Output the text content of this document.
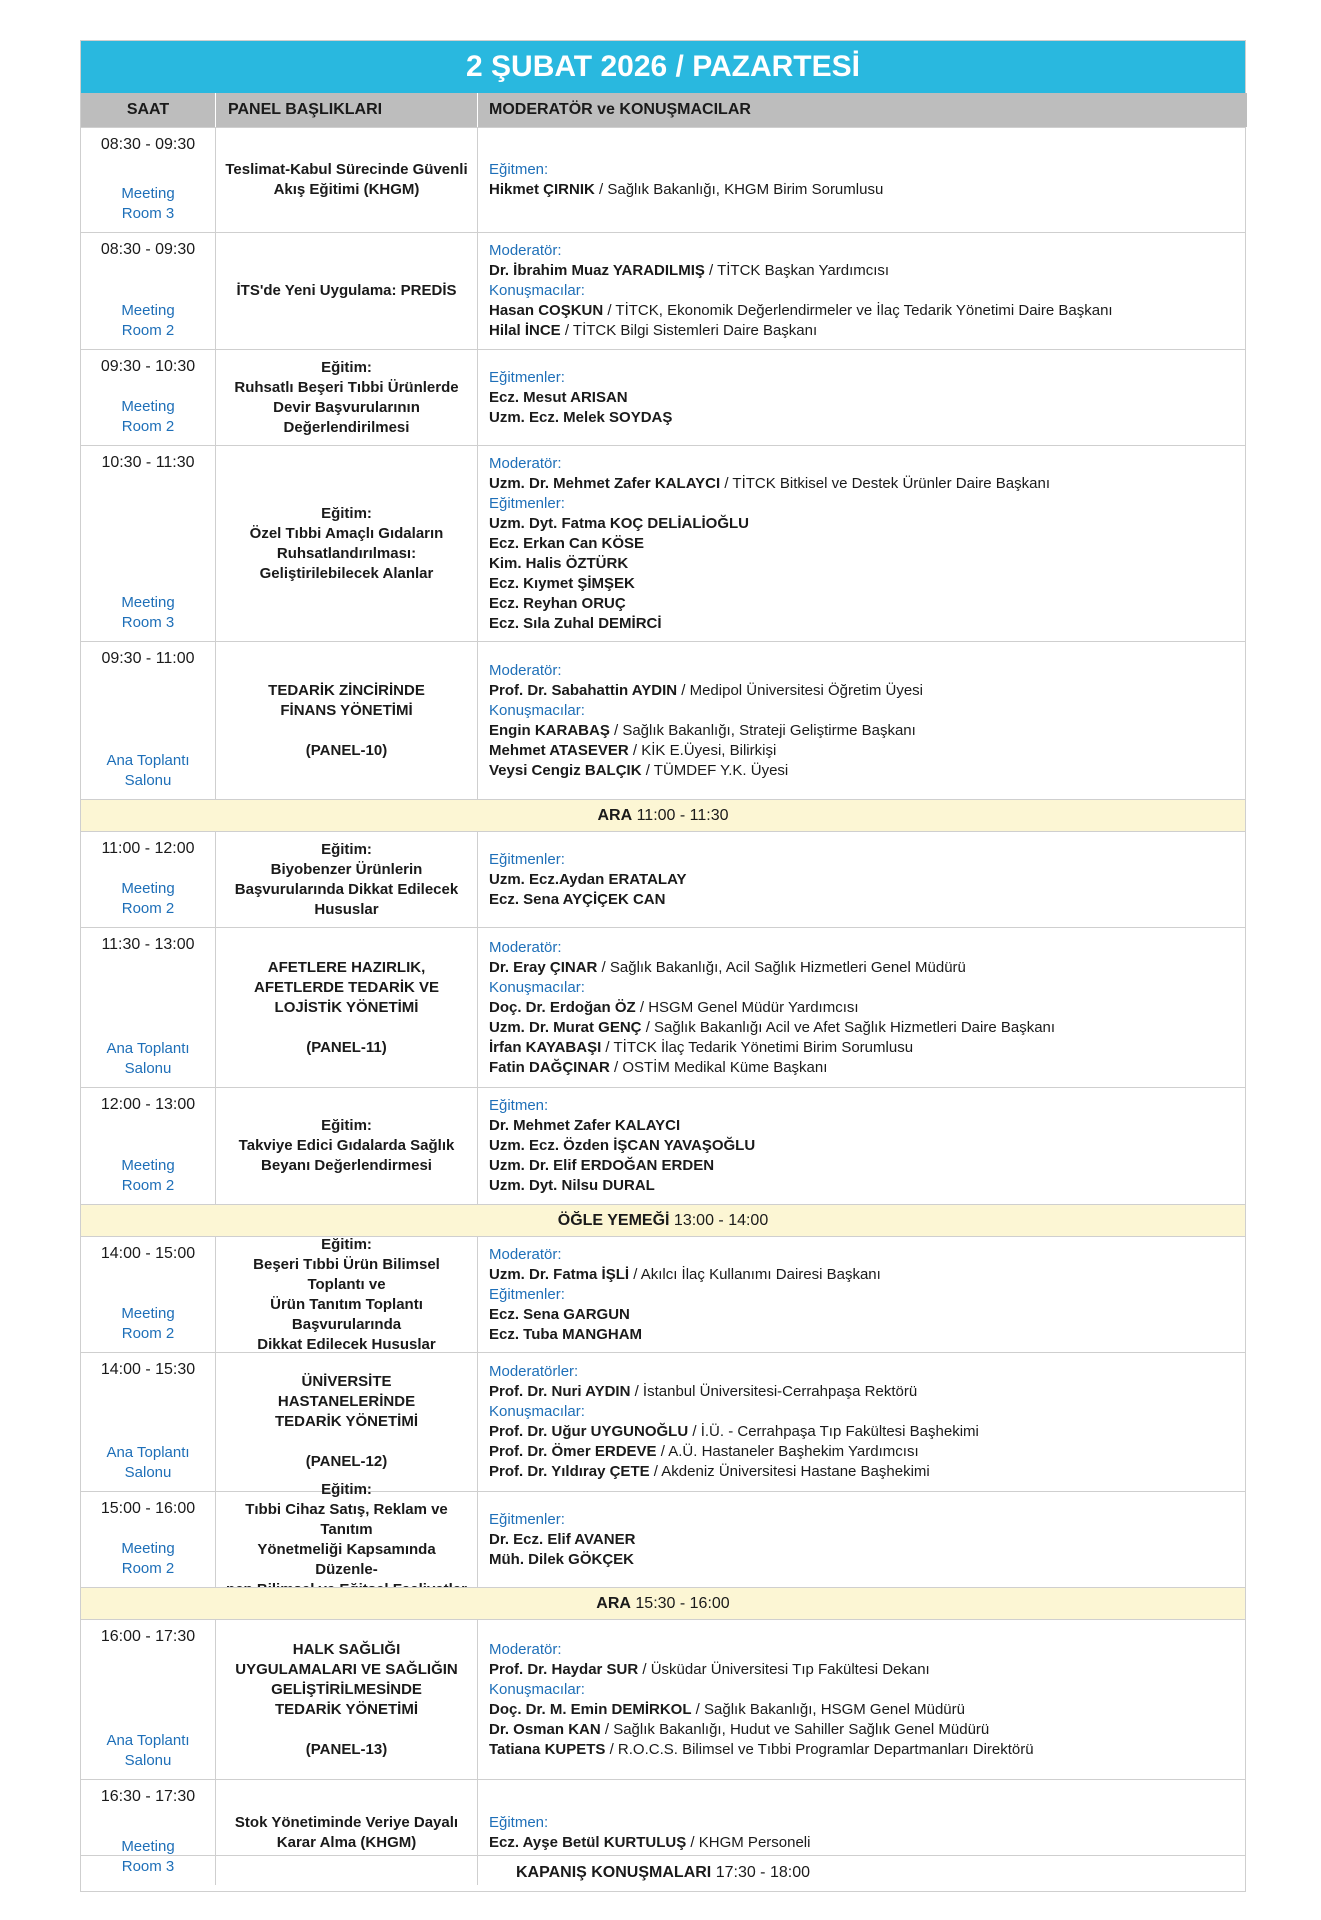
2 ŞUBAT 2026 / PAZARTESİ
SAAT	PANEL BAŞLIKLARI	MODERATÖR ve KONUŞMACILAR
08:30 - 09:30
Meeting
Room 3
Teslimat-Kabul Sürecinde Güvenli
Akış Eğitimi (KHGM)
Eğitmen:
Hikmet ÇIRNIK / Sağlık Bakanlığı, KHGM Birim Sorumlusu
08:30 - 09:30
Meeting
Room 2
İTS'de Yeni Uygulama: PREDİS
Moderatör:
Dr. İbrahim Muaz YARADILMIŞ / TİTCK Başkan Yardımcısı
Konuşmacılar:
Hasan COŞKUN / TİTCK, Ekonomik Değerlendirmeler ve İlaç Tedarik Yönetimi Daire Başkanı
Hilal İNCE / TİTCK Bilgi Sistemleri Daire Başkanı
09:30 - 10:30
Meeting
Room 2
Eğitim:
Ruhsatlı Beşeri Tıbbi Ürünlerde
Devir Başvurularının
Değerlendirilmesi
Eğitmenler:
Ecz. Mesut ARISAN
Uzm. Ecz. Melek SOYDAŞ
10:30 - 11:30
Meeting
Room 3
Eğitim:
Özel Tıbbi Amaçlı Gıdaların
Ruhsatlandırılması:
Geliştirilebilecek Alanlar
Moderatör:
Uzm. Dr. Mehmet Zafer KALAYCI / TİTCK Bitkisel ve Destek Ürünler Daire Başkanı
Eğitmenler:
Uzm. Dyt. Fatma KOÇ DELİALİOĞLU
Ecz. Erkan Can KÖSE
Kim. Halis ÖZTÜRK
Ecz. Kıymet ŞİMŞEK
Ecz. Reyhan ORUÇ
Ecz. Sıla Zuhal DEMİRCİ
09:30 - 11:00
Ana Toplantı
Salonu
TEDARİK ZİNCİRİNDE
FİNANS YÖNETİMİ
(PANEL-10)
Moderatör:
Prof. Dr. Sabahattin AYDIN / Medipol Üniversitesi Öğretim Üyesi
Konuşmacılar:
Engin KARABAŞ / Sağlık Bakanlığı, Strateji Geliştirme Başkanı
Mehmet ATASEVER / KİK E.Üyesi, Bilirkişi
Veysi Cengiz BALÇIK / TÜMDEF Y.K. Üyesi
ARA 11:00 - 11:30
11:00 - 12:00
Meeting
Room 2
Eğitim:
Biyobenzer Ürünlerin
Başvurularında Dikkat Edilecek
Hususlar
Eğitmenler:
Uzm. Ecz.Aydan ERATALAY
Ecz. Sena AYÇİÇEK CAN
11:30 - 13:00
Ana Toplantı
Salonu
AFETLERE HAZIRLIK,
AFETLERDE TEDARİK VE
LOJİSTİK YÖNETİMİ
(PANEL-11)
Moderatör:
Dr. Eray ÇINAR / Sağlık Bakanlığı, Acil Sağlık Hizmetleri Genel Müdürü
Konuşmacılar:
Doç. Dr. Erdoğan ÖZ / HSGM Genel Müdür Yardımcısı
Uzm. Dr. Murat GENÇ / Sağlık Bakanlığı Acil ve Afet Sağlık Hizmetleri Daire Başkanı
İrfan KAYABAŞI / TİTCK İlaç Tedarik Yönetimi Birim Sorumlusu
Fatin DAĞÇINAR / OSTİM Medikal Küme Başkanı
12:00 - 13:00
Meeting
Room 2
Eğitim:
Takviye Edici Gıdalarda Sağlık
Beyanı Değerlendirmesi
Eğitmen:
Dr. Mehmet Zafer KALAYCI
Uzm. Ecz. Özden İŞCAN YAVAŞOĞLU
Uzm. Dr. Elif ERDOĞAN ERDEN
Uzm. Dyt. Nilsu DURAL
ÖĞLE YEMEĞİ 13:00 - 14:00
14:00 - 15:00
Meeting
Room 2
Eğitim:
Beşeri Tıbbi Ürün Bilimsel Toplantı ve
Ürün Tanıtım Toplantı Başvurularında
Dikkat Edilecek Hususlar
Moderatör:
Uzm. Dr. Fatma İŞLİ / Akılcı İlaç Kullanımı Dairesi Başkanı
Eğitmenler:
Ecz. Sena GARGUN
Ecz. Tuba MANGHAM
14:00 - 15:30
Ana Toplantı
Salonu
ÜNİVERSİTE
HASTANELERİNDE
TEDARİK YÖNETİMİ
(PANEL-12)
Moderatörler:
Prof. Dr. Nuri AYDIN / İstanbul Üniversitesi-Cerrahpaşa Rektörü
Konuşmacılar:
Prof. Dr. Uğur UYGUNOĞLU / İ.Ü. - Cerrahpaşa Tıp Fakültesi Başhekimi
Prof. Dr. Ömer ERDEVE / A.Ü. Hastaneler Başhekim Yardımcısı
Prof. Dr. Yıldıray ÇETE / Akdeniz Üniversitesi Hastane Başhekimi
15:00 - 16:00
Meeting
Room 2
Eğitim:
Tıbbi Cihaz Satış, Reklam ve Tanıtım
Yönetmeliği Kapsamında Düzenle-
Eğitmenler:
Dr. Ecz. Elif AVANER
Müh. Dilek GÖKÇEK
ARA 15:30 - 16:00
16:00 - 17:30
Ana Toplantı
Salonu
HALK SAĞLIĞI
UYGULAMALARI VE SAĞLIĞIN
GELİŞTİRİLMESİNDE
TEDARİK YÖNETİMİ
(PANEL-13)
Moderatör:
Prof. Dr. Haydar SUR / Üsküdar Üniversitesi Tıp Fakültesi Dekanı
Konuşmacılar:
Doç. Dr. M. Emin DEMİRKOL / Sağlık Bakanlığı, HSGM Genel Müdürü
Dr. Osman KAN / Sağlık Bakanlığı, Hudut ve Sahiller Sağlık Genel Müdürü
Tatiana KUPETS / R.O.C.S. Bilimsel ve Tıbbi Programlar Departmanları Direktörü
16:30 - 17:30
Meeting
Room 3
Stok Yönetiminde Veriye Dayalı
Karar Alma (KHGM)
Eğitmen:
Ecz. Ayşe Betül KURTULUŞ / KHGM Personeli
KAPANIŞ KONUŞMALARI 17:30 - 18:00
